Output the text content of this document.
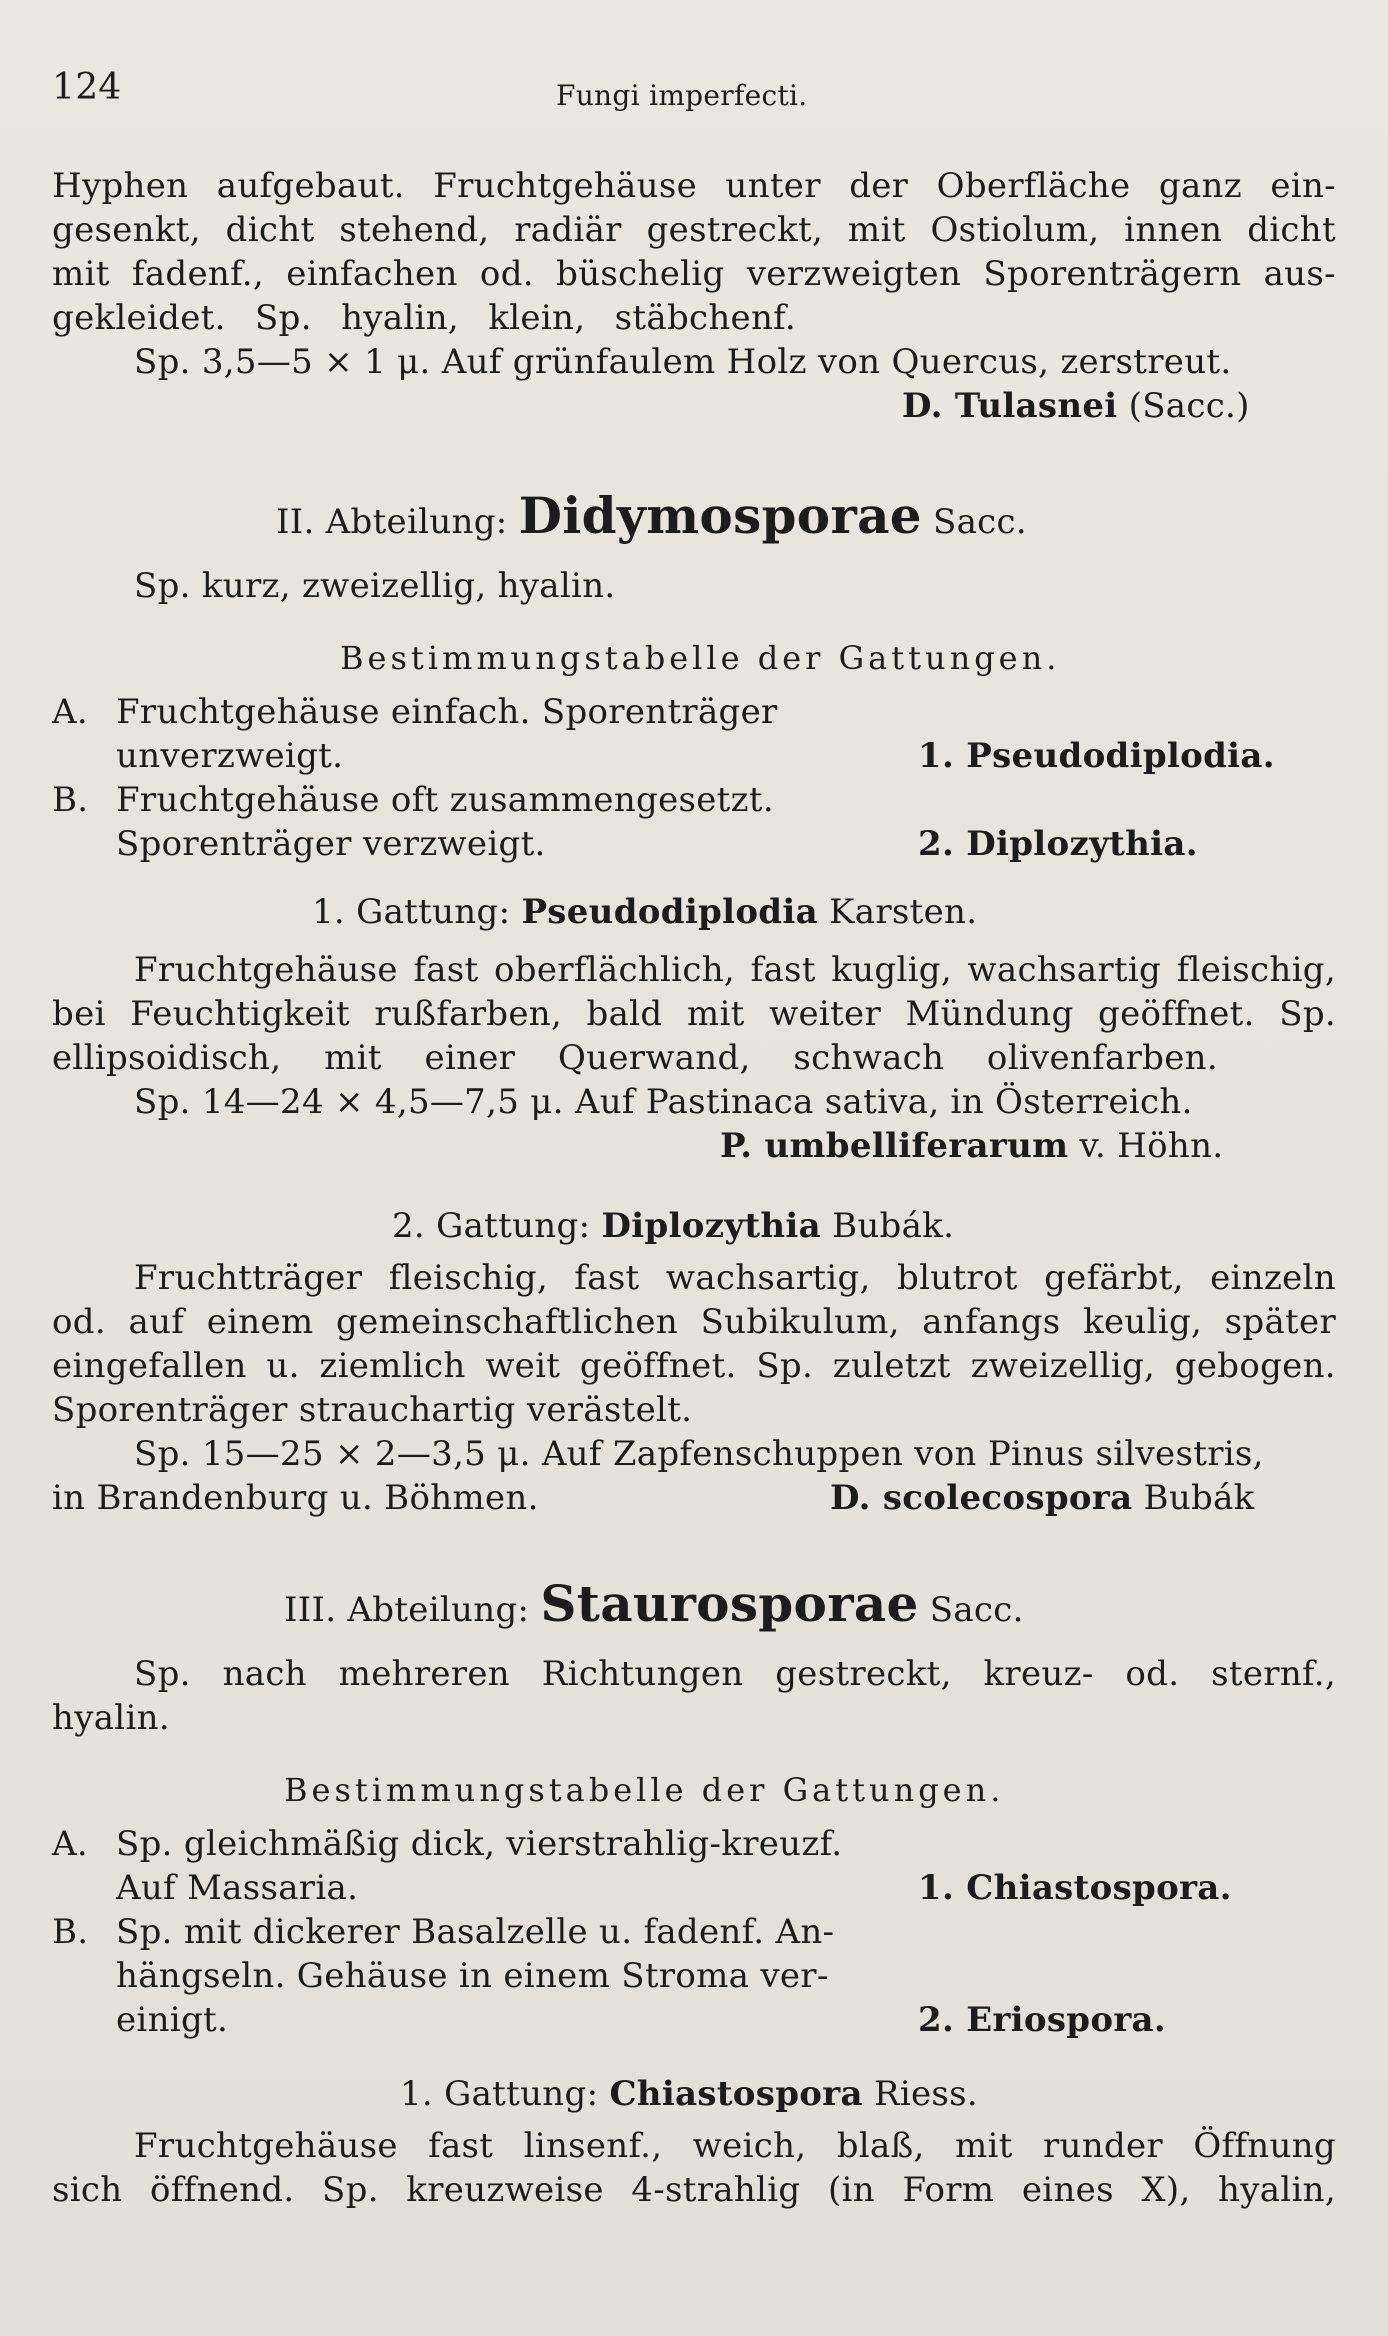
124	Fungi imperfecti.
Hyphen aufgebaut. Fruchtgehäuse unter der Oberfläche ganz ein-
gesenkt, dicht stehend, radiär gestreckt, mit Ostiolum, innen dicht
mit fadenf., einfachen od. büschelig verzweigten Sporenträgern aus-
gekleidet. Sp. hyalin, klein, stäbchenf.
Sp. 3,5—5 × 1 μ. Auf grünfaulem Holz von Quercus, zerstreut.
D. Tulasnei (Sacc.)
II. Abteilung: Didymosporae Sacc.
Sp. kurz, zweizellig, hyalin.
Bestimmungstabelle der Gattungen.
A. Fruchtgehäuse einfach. Sporenträger
unverzweigt.	1. Pseudodiplodia.
B. Fruchtgehäuse oft zusammengesetzt.
Sporenträger verzweigt.	2. Diplozythia.
1. Gattung: Pseudodiplodia Karsten.
Fruchtgehäuse fast oberflächlich, fast kuglig, wachsartig fleischig,
bei Feuchtigkeit rußfarben, bald mit weiter Mündung geöffnet. Sp.
ellipsoidisch, mit einer Querwand, schwach olivenfarben.
Sp. 14—24 × 4,5—7,5 μ. Auf Pastinaca sativa, in Österreich.
P. umbelliferarum v. Höhn.
2. Gattung: Diplozythia Bubák.
Fruchtträger fleischig, fast wachsartig, blutrot gefärbt, einzeln
od. auf einem gemeinschaftlichen Subikulum, anfangs keulig, später
eingefallen u. ziemlich weit geöffnet. Sp. zuletzt zweizellig, gebogen.
Sporenträger strauchartig verästelt.
Sp. 15—25 × 2—3,5 μ. Auf Zapfenschuppen von Pinus silvestris,
in Brandenburg u. Böhmen.	D. scolecospora Bubák
III. Abteilung: Staurosporae Sacc.
Sp. nach mehreren Richtungen gestreckt, kreuz- od. sternf.,
hyalin.
Bestimmungstabelle der Gattungen.
A. Sp. gleichmäßig dick, vierstrahlig-kreuzf.
Auf Massaria.	1. Chiastospora.
B. Sp. mit dickerer Basalzelle u. fadenf. An-
hängseln. Gehäuse in einem Stroma ver-
einigt.	2. Eriospora.
1. Gattung: Chiastospora Riess.
Fruchtgehäuse fast linsenf., weich, blaß, mit runder Öffnung
sich öffnend. Sp. kreuzweise 4-strahlig (in Form eines X), hyalin,
